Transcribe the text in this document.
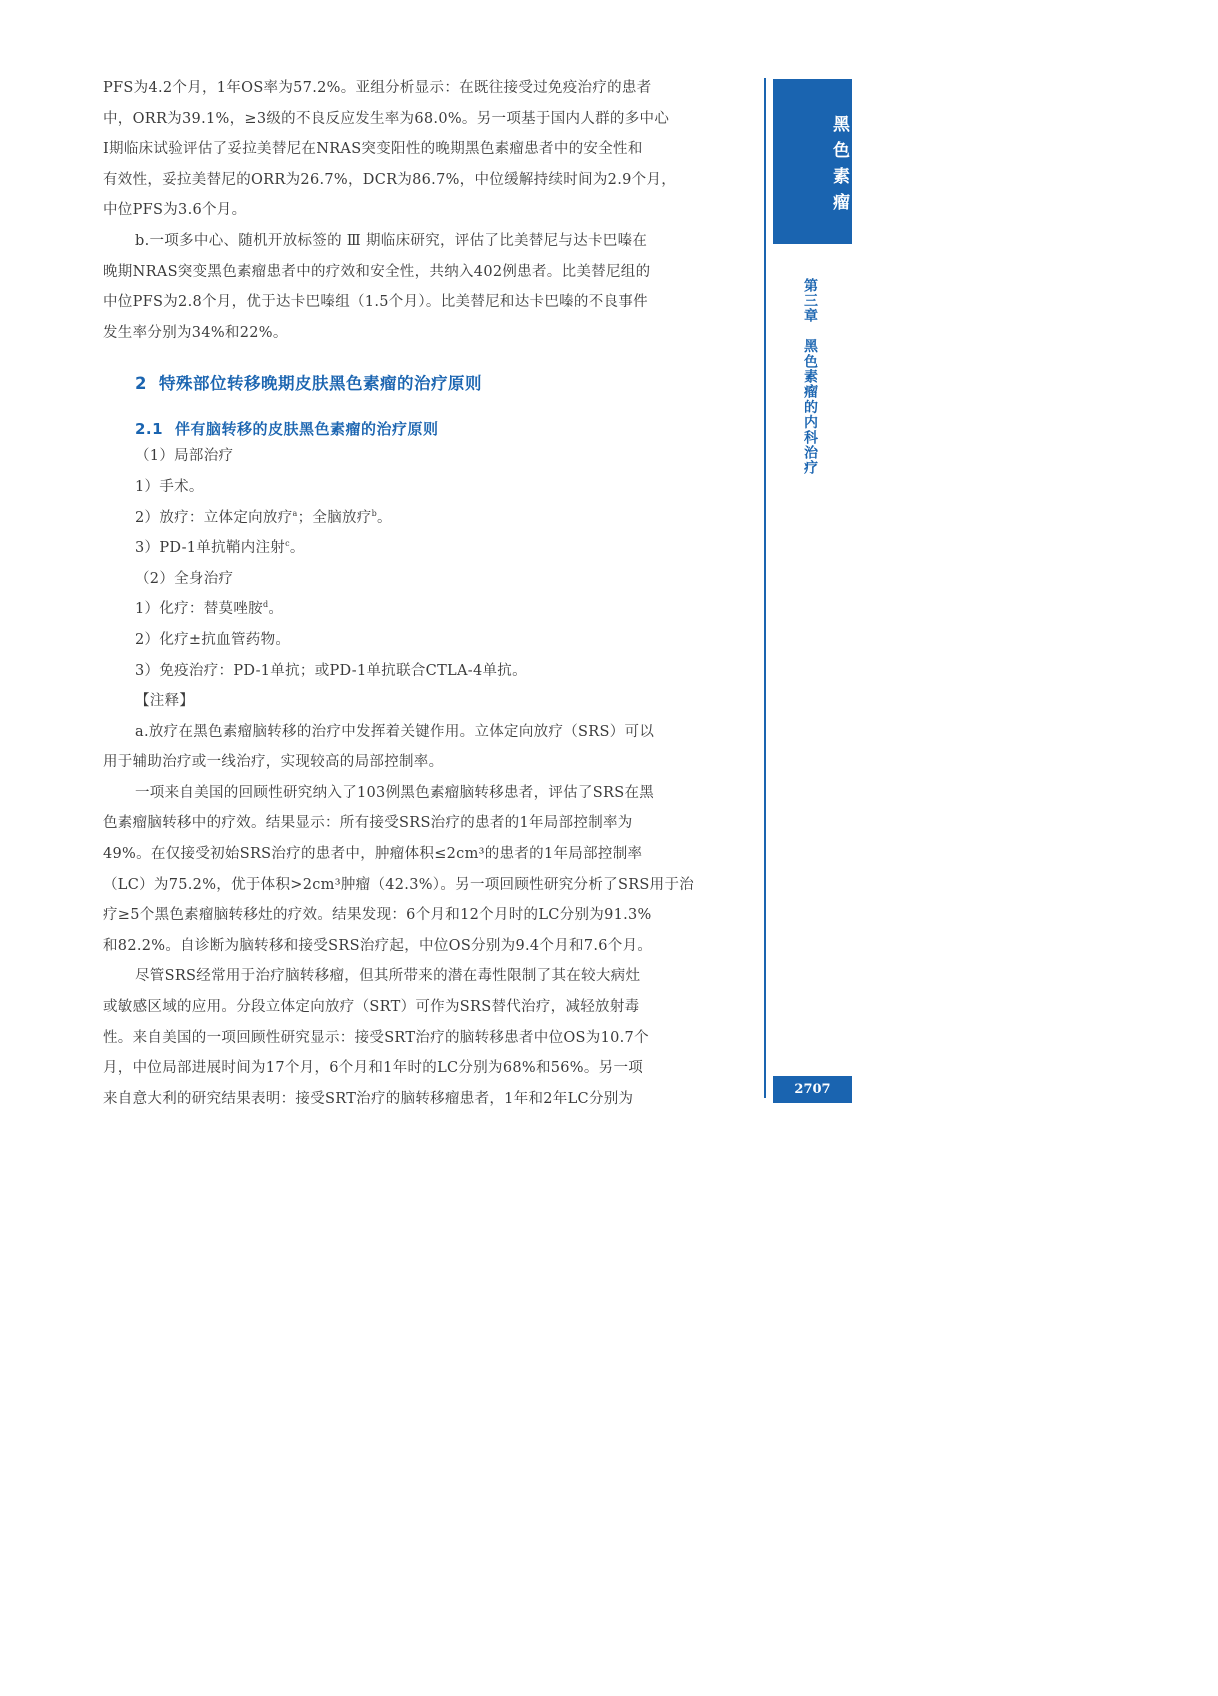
PFS为4.2个月，1年OS率为57.2%。亚组分析显示：在既往接受过免疫治疗的患者

中，ORR为39.1%，≥3级的不良反应发生率为68.0%。另一项基于国内人群的多中心

Ⅰ期临床试验评估了妥拉美替尼在NRAS突变阳性的晚期黑色素瘤患者中的安全性和

有效性，妥拉美替尼的ORR为26.7%，DCR为86.7%，中位缓解持续时间为2.9个月，

中位PFS为3.6个月。

b.一项多中心、随机开放标签的 Ⅲ 期临床研究，评估了比美替尼与达卡巴嗪在

晚期NRAS突变黑色素瘤患者中的疗效和安全性，共纳入402例患者。比美替尼组的

中位PFS为2.8个月，优于达卡巴嗪组（1.5个月）。比美替尼和达卡巴嗪的不良事件

发生率分别为34%和22%。

2 特殊部位转移晚期皮肤黑色素瘤的治疗原则
2.1 伴有脑转移的皮肤黑色素瘤的治疗原则

（1）局部治疗

1）手术。

2）放疗：立体定向放疗$^a$；全脑放疗$^b$。

3）PD-1单抗鞘内注射$^c$。

（2）全身治疗

1）化疗：替莫唑胺$^d$。

2）化疗±抗血管药物。

3）免疫治疗：PD-1单抗；或PD-1单抗联合CTLA-4单抗。

【注释】

a.放疗在黑色素瘤脑转移的治疗中发挥着关键作用。立体定向放疗（SRS）可以

用于辅助治疗或一线治疗，实现较高的局部控制率。

一项来自美国的回顾性研究纳入了103例黑色素瘤脑转移患者，评估了SRS在黑

色素瘤脑转移中的疗效。结果显示：所有接受SRS治疗的患者的1年局部控制率为

49%。在仅接受初始SRS治疗的患者中，肿瘤体积≤2cm³的患者的1年局部控制率

（LC）为75.2%，优于体积>2cm³肿瘤（42.3%）。另一项回顾性研究分析了SRS用于治

疗≥5个黑色素瘤脑转移灶的疗效。结果发现：6个月和12个月时的LC分别为91.3%

和82.2%。自诊断为脑转移和接受SRS治疗起，中位OS分别为9.4个月和7.6个月。

尽管SRS经常用于治疗脑转移瘤，但其所带来的潜在毒性限制了其在较大病灶

或敏感区域的应用。分段立体定向放疗（SRT）可作为SRS替代治疗，减轻放射毒

性。来自美国的一项回顾性研究显示：接受SRT治疗的脑转移患者中位OS为10.7个

月，中位局部进展时间为17个月，6个月和1年时的LC分别为68%和56%。另一项

来自意大利的研究结果表明：接受SRT治疗的脑转移瘤患者，1年和2年LC分别为

黑
色
素
瘤
第三章　黑色素瘤的内科治疗
2707
